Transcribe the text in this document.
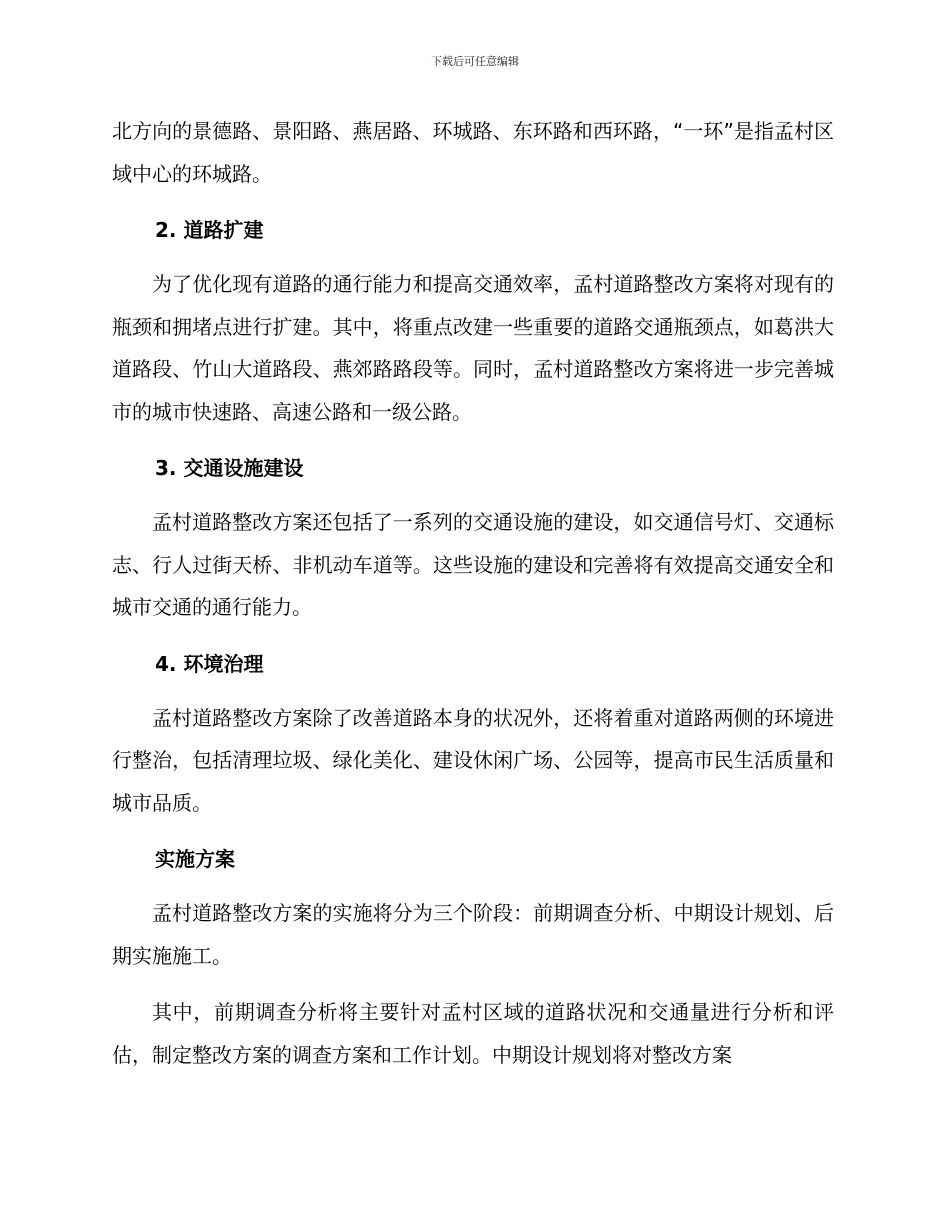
下载后可任意编辑

北方向的景德路、景阳路、燕居路、环城路、东环路和西环路，“一环”是指孟村区域中心的环城路。

2. 道路扩建

为了优化现有道路的通行能力和提高交通效率，孟村道路整改方案将对现有的瓶颈和拥堵点进行扩建。其中，将重点改建一些重要的道路交通瓶颈点，如葛洪大道路段、竹山大道路段、燕郊路路段等。同时，孟村道路整改方案将进一步完善城市的城市快速路、高速公路和一级公路。

3. 交通设施建设

孟村道路整改方案还包括了一系列的交通设施的建设，如交通信号灯、交通标志、行人过街天桥、非机动车道等。这些设施的建设和完善将有效提高交通安全和城市交通的通行能力。

4. 环境治理

孟村道路整改方案除了改善道路本身的状况外，还将着重对道路两侧的环境进行整治，包括清理垃圾、绿化美化、建设休闲广场、公园等，提高市民生活质量和城市品质。

实施方案

孟村道路整改方案的实施将分为三个阶段：前期调查分析、中期设计规划、后期实施施工。

其中，前期调查分析将主要针对孟村区域的道路状况和交通量进行分析和评估，制定整改方案的调查方案和工作计划。中期设计规划将对整改方案
